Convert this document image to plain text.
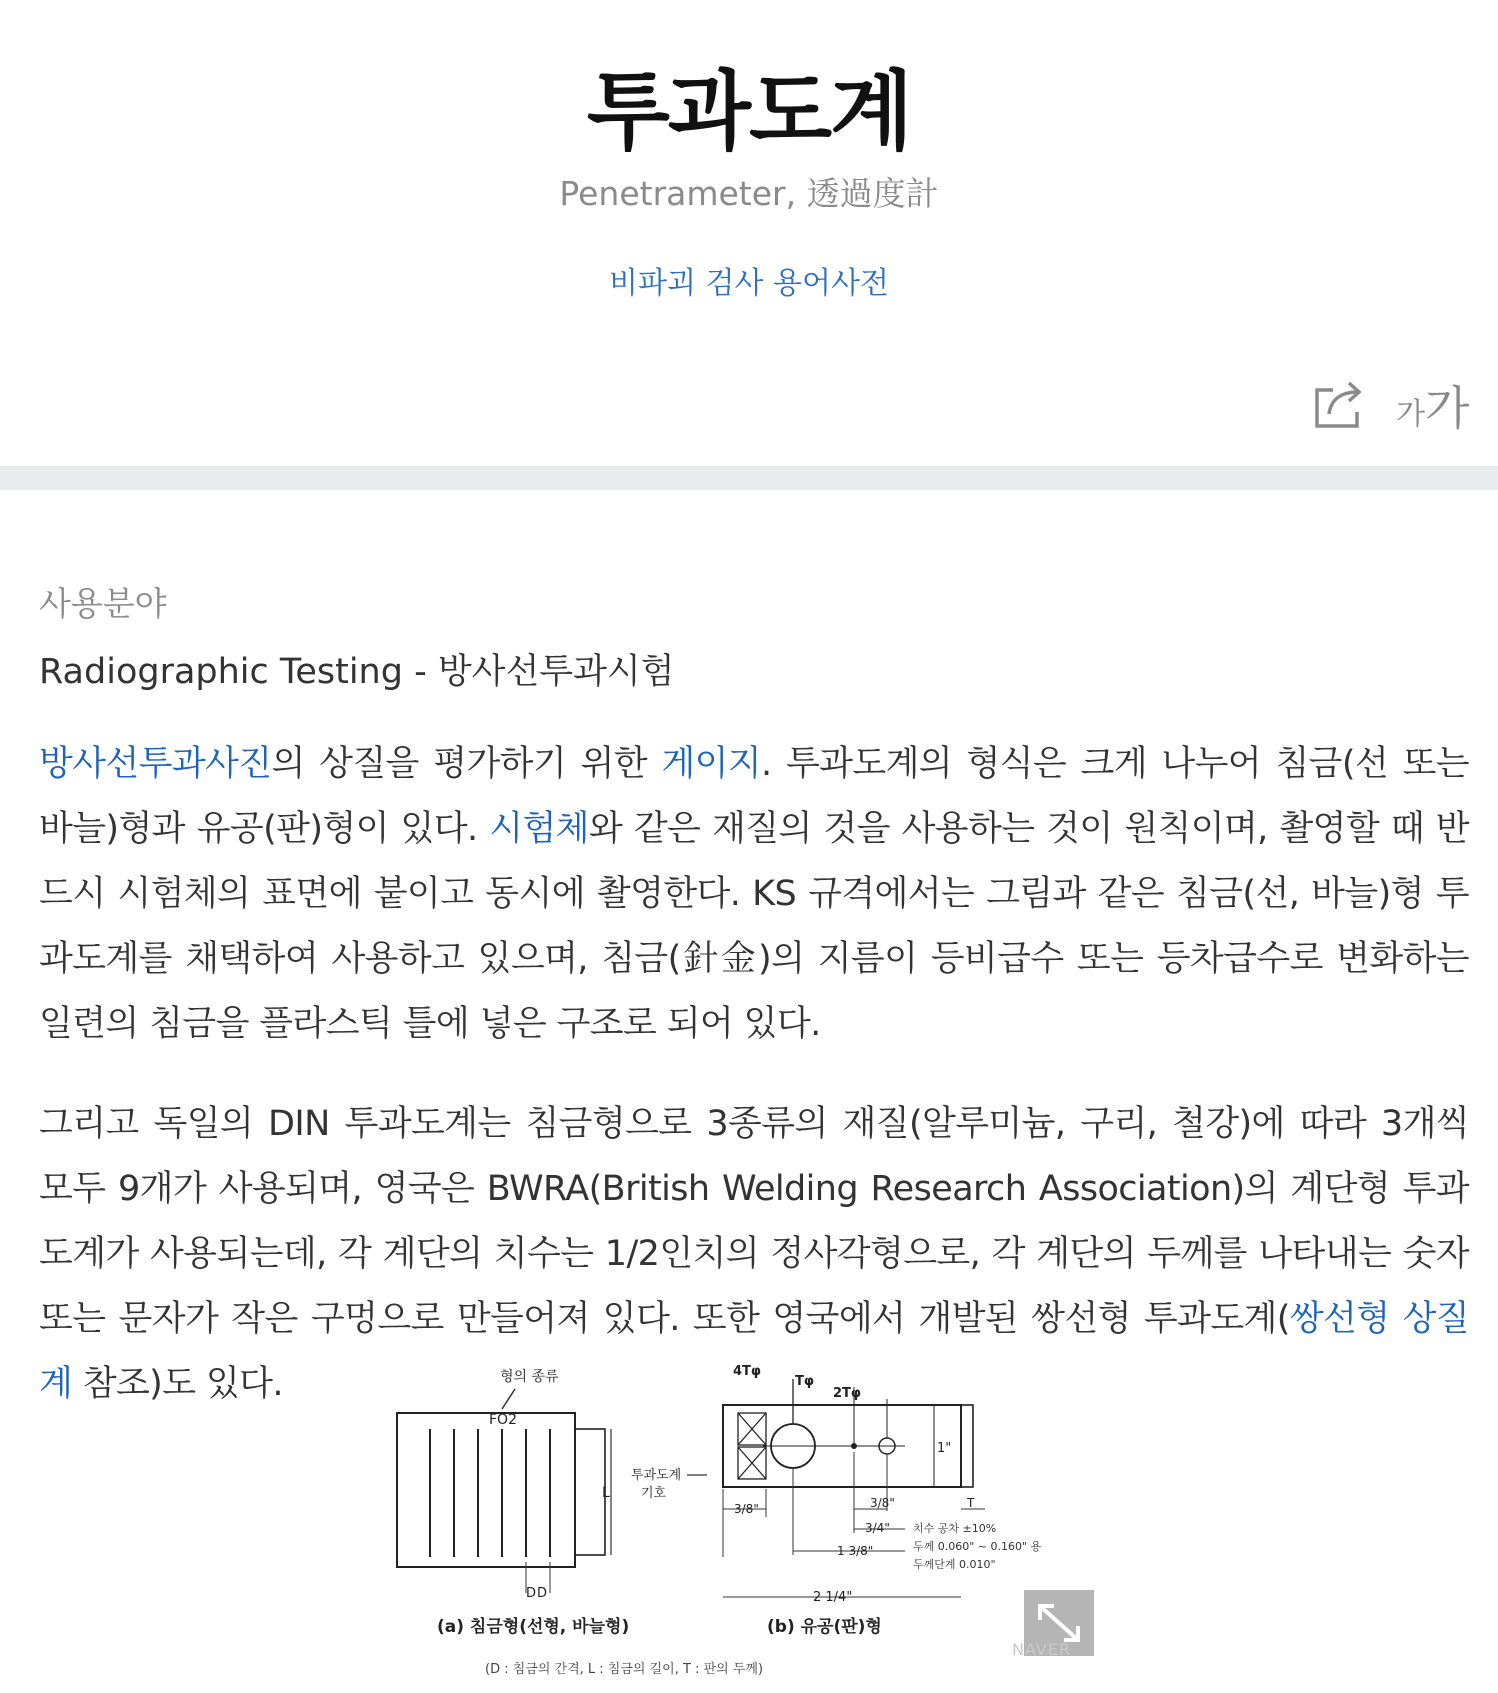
투과도계
Penetrameter, 透過度計
비파괴 검사 용어사전
가가
사용분야
Radiographic Testing - 방사선투과시험

방사선투과사진의 상질을 평가하기 위한 게이지. 투과도계의 형식은 크게 나누어 침금(선 또는 바늘)형과 유공(판)형이 있다. 시험체와 같은 재질의 것을 사용하는 것이 원칙이며, 촬영할 때 반드시 시험체의 표면에 붙이고 동시에 촬영한다. KS 규격에서는 그림과 같은 침금(선, 바늘)형 투과도계를 채택하여 사용하고 있으며, 침금(針金)의 지름이 등비급수 또는 등차급수로 변화하는 일련의 침금을 플라스틱 틀에 넣은 구조로 되어 있다.

그리고 독일의 DIN 투과도계는 침금형으로 3종류의 재질(알루미늄, 구리, 철강)에 따라 3개씩 모두 9개가 사용되며, 영국은 BWRA(British Welding Research Association)의 계단형 투과도계가 사용되는데, 각 계단의 치수는 1/2인치의 정사각형으로, 각 계단의 두께를 나타내는 숫자 또는 문자가 작은 구멍으로 만들어져 있다. 또한 영국에서 개발된 쌍선형 투과도계(쌍선형 상질계 참조)도 있다.	형의 종류
FO2
L
투과도계
기호
D D
(a) 침금형(선형, 바늘형)
4Tφ
Tφ
2Tφ
1"
3/8"	3/8"	T
3/4"
1 3/8"
2 1/4"
치수 공차 ±10%
두께 0.060" ~ 0.160" 용
두께단계 0.010"
(b) 유공(판)형
(D : 침금의 간격, L : 침금의 길이, T : 판의 두께)
NAVER
